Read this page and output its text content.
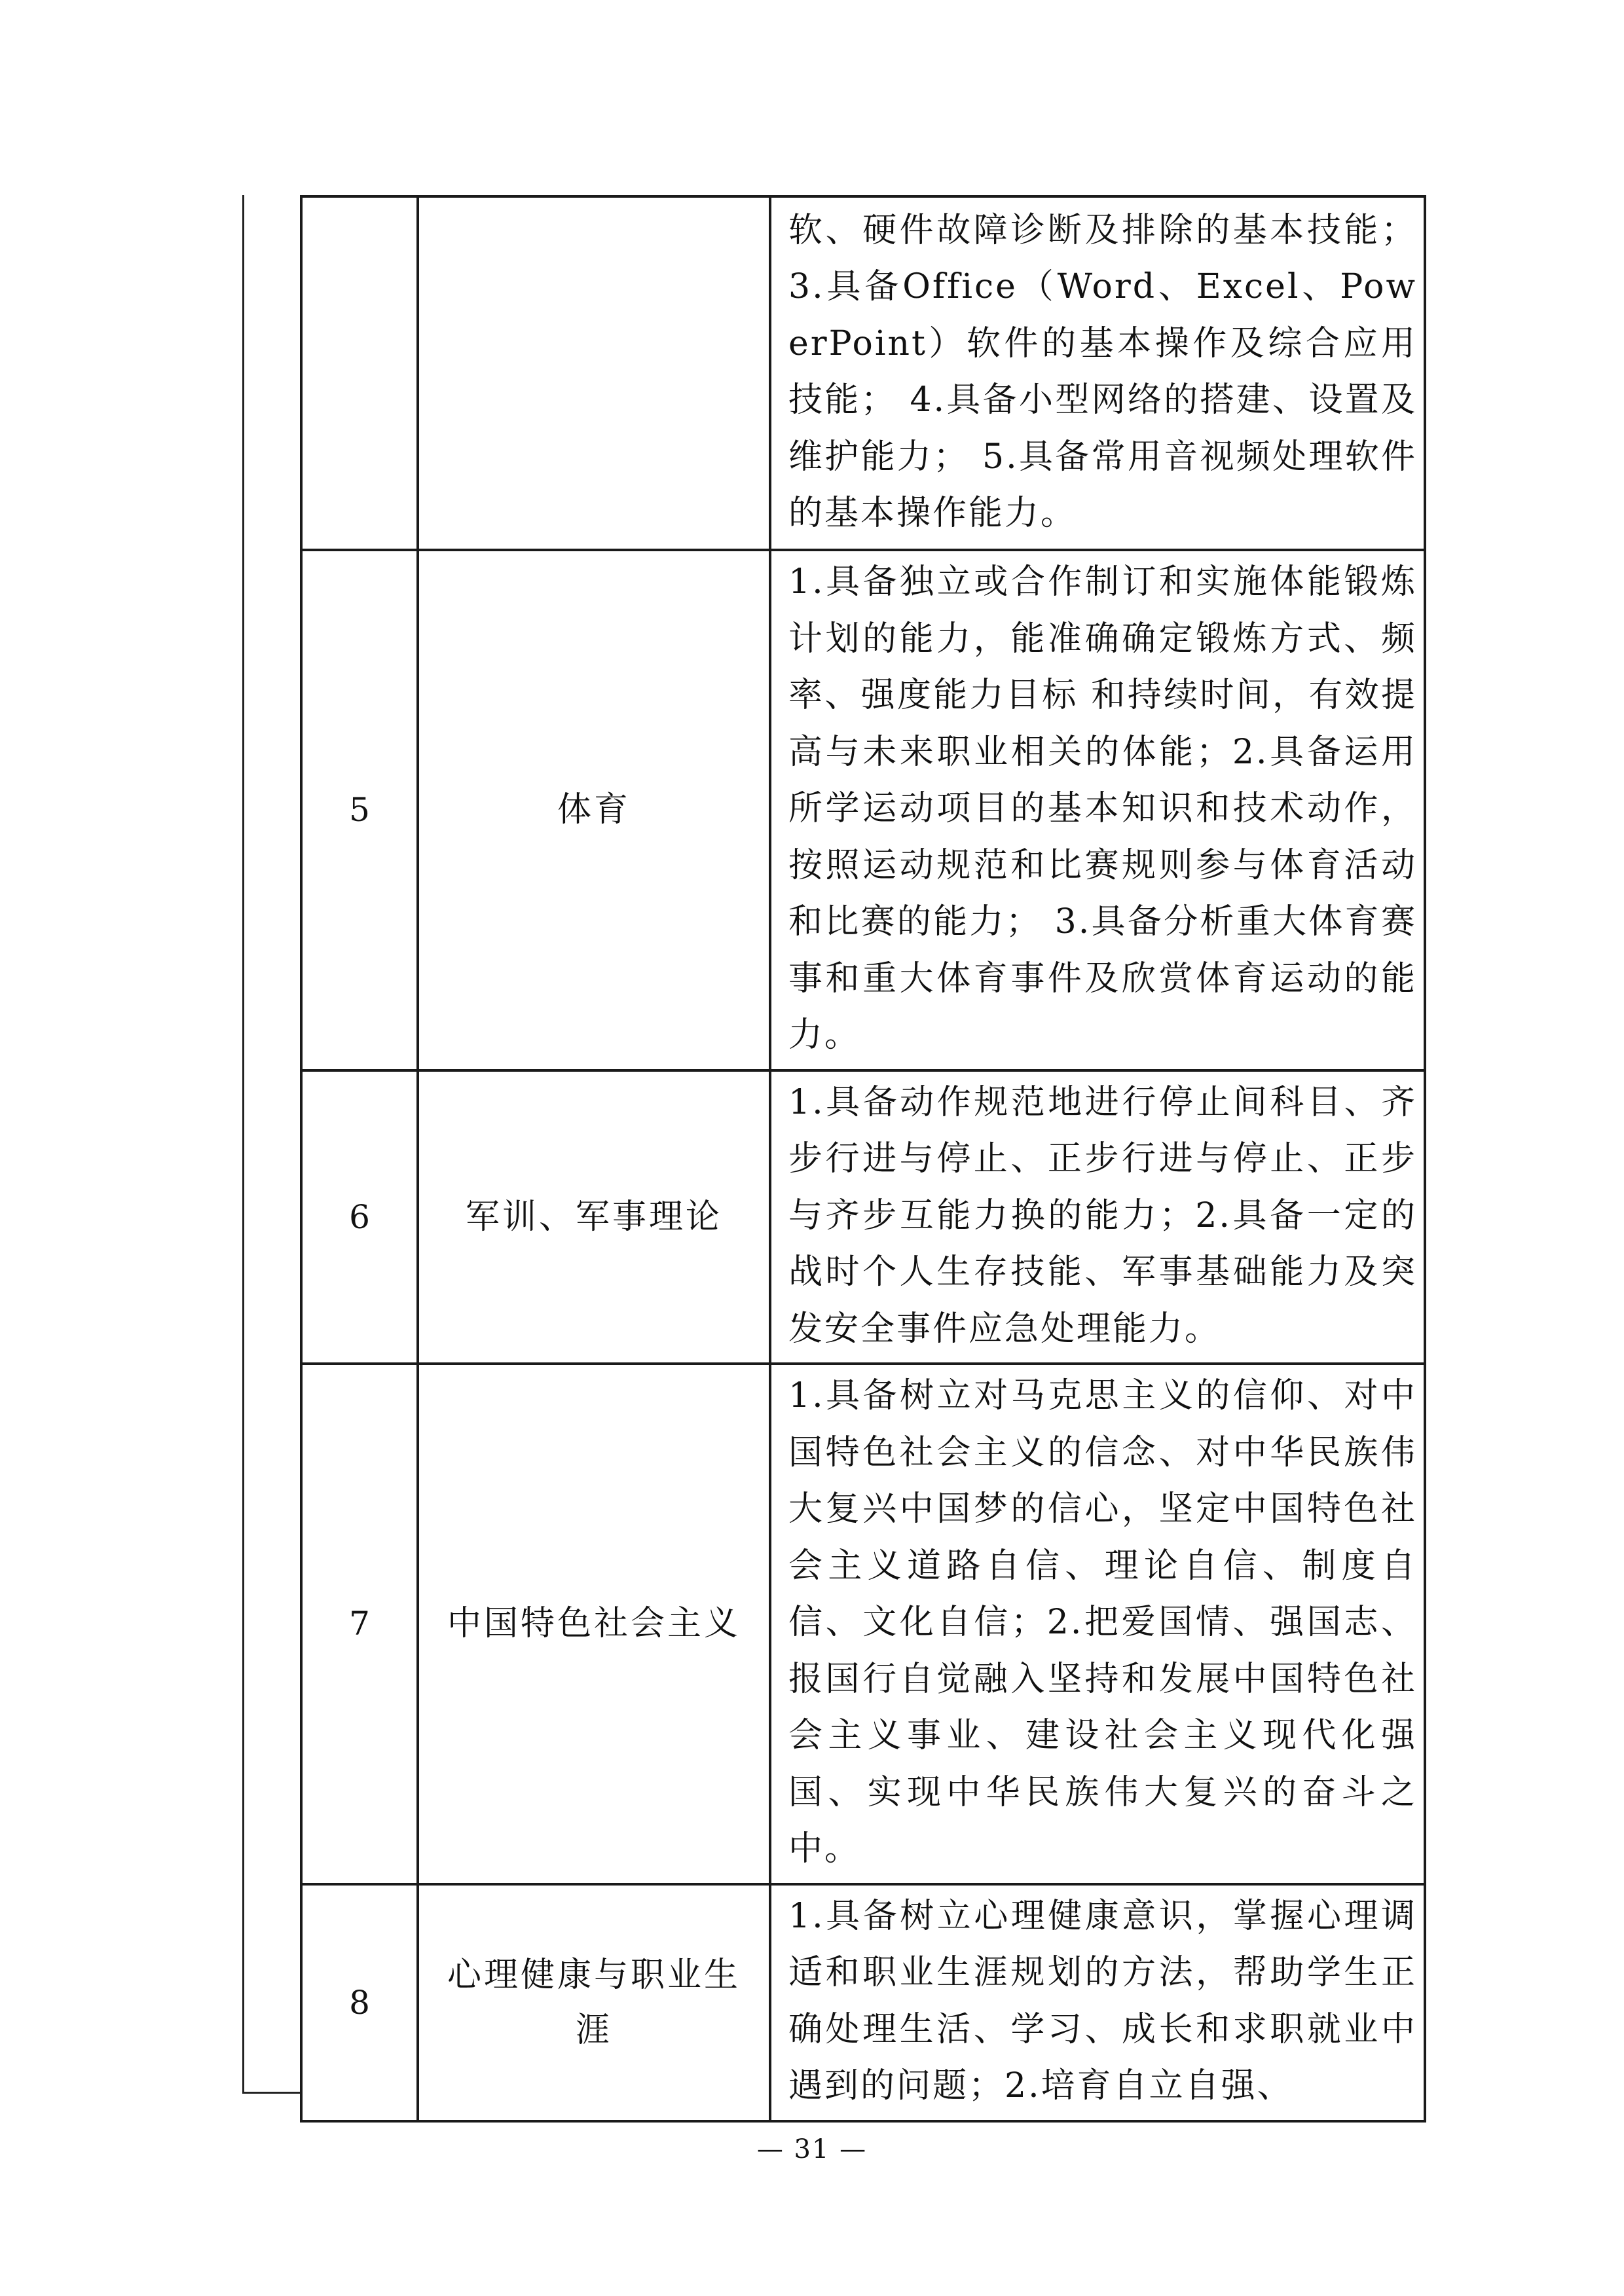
		软、硬件故障诊断及排除的基本技能；3.具备Office（Word、Excel、PowerPoint）软件的基本操作及综合应用技能； 4.具备小型网络的搭建、设置及维护能力； 5.具备常用音视频处理软件的基本操作能力。

5	体育	1.具备独立或合作制订和实施体能锻炼计划的能力，能准确确定锻炼方式、频率、强度能力目标 和持续时间，有效提高与未来职业相关的体能；2.具备运用所学运动项目的基本知识和技术动作，按照运动规范和比赛规则参与体育活动和比赛的能力； 3.具备分析重大体育赛事和重大体育事件及欣赏体育运动的能力。

6	军训、军事理论	1.具备动作规范地进行停止间科目、齐步行进与停止、正步行进与停止、正步与齐步互能力换的能力；2.具备一定的战时个人生存技能、军事基础能力及突发安全事件应急处理能力。

7	中国特色社会主义	1.具备树立对马克思主义的信仰、对中国特色社会主义的信念、对中华民族伟大复兴中国梦的信心，坚定中国特色社会主义道路自信、理论自信、制度自信、文化自信；2.把爱国情、强国志、报国行自觉融入坚持和发展中国特色社会主义事业、建设社会主义现代化强国、实现中华民族伟大复兴的奋斗之中。

8	心理健康与职业生涯	1.具备树立心理健康意识，掌握心理调适和职业生涯规划的方法，帮助学生正确处理生活、学习、成长和求职就业中遇到的问题；2.培育自立自强、
— 31 —
